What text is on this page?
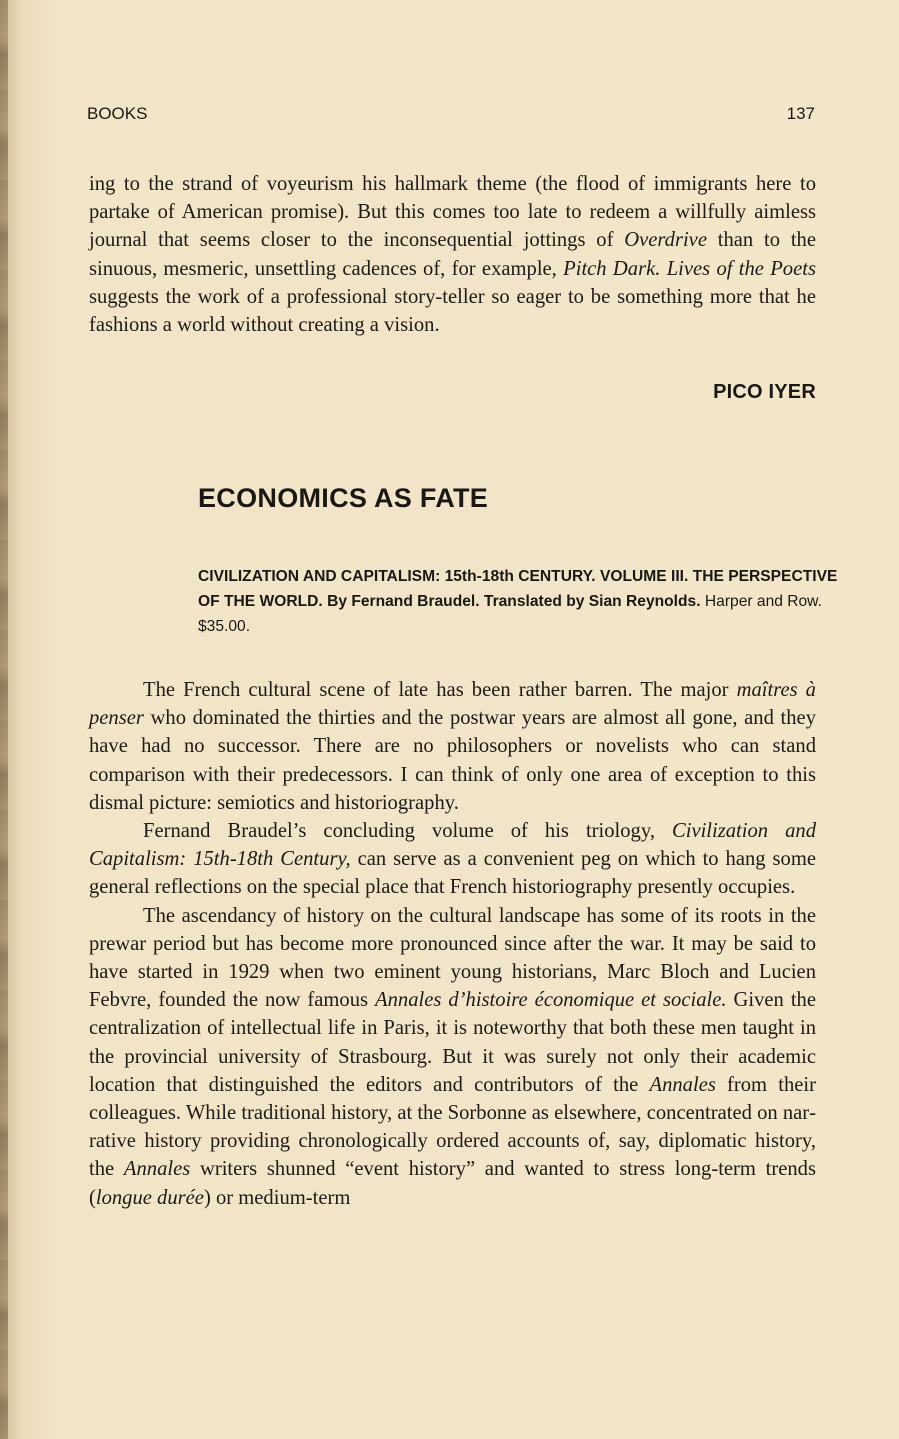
BOOKS	137
ing to the strand of voyeurism his hallmark theme (the flood of immigrants here to partake of American promise). But this comes too late to redeem a willfully aimless journal that seems closer to the inconsequential jottings of Overdrive than to the sinuous, mesmeric, unsettling cadences of, for example, Pitch Dark. Lives of the Poets suggests the work of a professional story-teller so eager to be something more that he fashions a world without creating a vision.
PICO IYER
ECONOMICS AS FATE
CIVILIZATION AND CAPITALISM: 15th-18th CENTURY. VOLUME III. THE PERSPECTIVE OF THE WORLD. By Fernand Braudel. Translated by Sian Reynolds. Harper and Row. $35.00.

The French cultural scene of late has been rather barren. The major maîtres à penser who dominated the thirties and the postwar years are almost all gone, and they have had no successor. There are no philosophers or novelists who can stand comparison with their predecessors. I can think of only one area of exception to this dismal picture: semiotics and historiography.

Fernand Braudel’s concluding volume of his triology, Civilization and Capitalism: 15th-18th Century, can serve as a convenient peg on which to hang some general reflections on the special place that French historiography presently occupies.

The ascendancy of history on the cultural landscape has some of its roots in the prewar period but has become more pronounced since after the war. It may be said to have started in 1929 when two eminent young historians, Marc Bloch and Lucien Febvre, founded the now famous Annales d’histoire économique et sociale. Given the centralization of intellectual life in Paris, it is noteworthy that both these men taught in the provincial university of Strasbourg. But it was surely not only their academic location that distinguished the editors and contributors of the Annales from their colleagues. While traditional history, at the Sorbonne as elsewhere, concentrated on narrative history providing chronologically ordered accounts of, say, diplomatic history, the Annales writers shunned “event history” and wanted to stress long-term trends (longue durée) or medium-term
